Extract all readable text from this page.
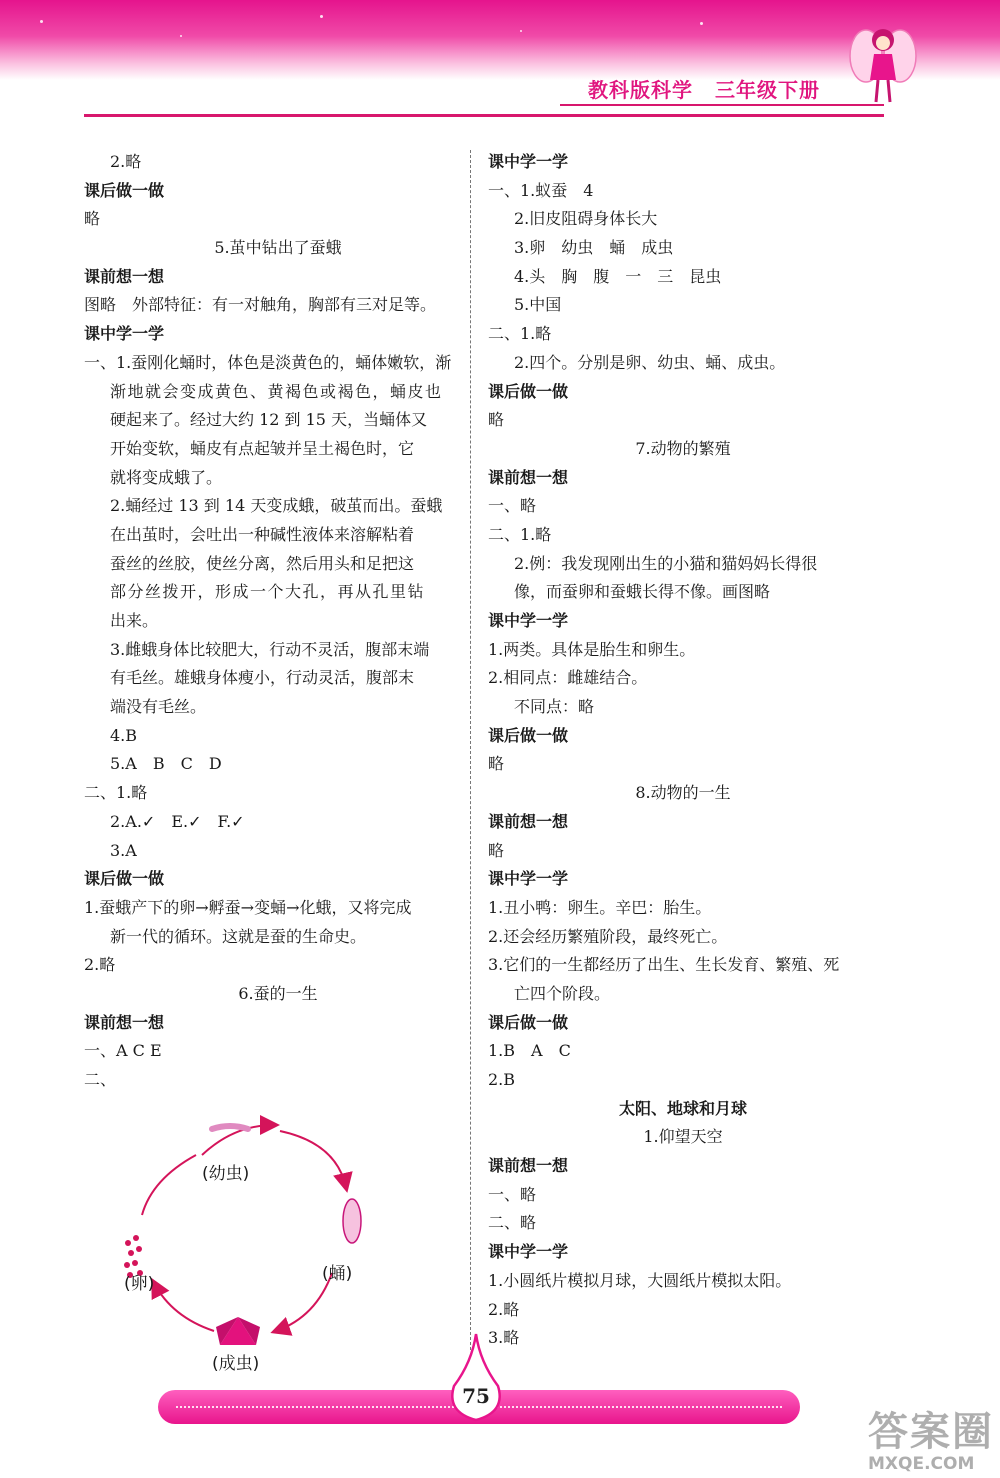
教科版科学 三年级下册
2.略
课后做一做
略
5.茧中钻出了蚕蛾
课前想一想
图略　外部特征：有一对触角，胸部有三对足等。
课中学一学
一、1.蚕刚化蛹时，体色是淡黄色的，蛹体嫩软，渐
渐地就会变成黄色、黄褐色或褐色，蛹皮也
硬起来了。经过大约 12 到 15 天，当蛹体又
开始变软，蛹皮有点起皱并呈土褐色时，它
就将变成蛾了。
2.蛹经过 13 到 14 天变成蛾，破茧而出。蚕蛾
在出茧时，会吐出一种碱性液体来溶解粘着
蚕丝的丝胶，使丝分离，然后用头和足把这
部分丝拨开，形成一个大孔，再从孔里钻
出来。
3.雌蛾身体比较肥大，行动不灵活，腹部末端
有毛丝。雄蛾身体瘦小，行动灵活，腹部末
端没有毛丝。
4.B
5.A　B　C　D
二、1.略
2.A.✓　E.✓　F.✓
3.A
课后做一做
1.蚕蛾产下的卵→孵蚕→变蛹→化蛾，又将完成
新一代的循环。这就是蚕的生命史。
2.略
6.蚕的一生
课前想一想
一、A C E
二、
(幼虫)
(蛹)
(成虫)
(卵)
课中学一学
一、1.蚁蚕　4
2.旧皮阻碍身体长大
3.卵　幼虫　蛹　成虫
4.头　胸　腹　一　三　昆虫
5.中国
二、1.略
2.四个。分别是卵、幼虫、蛹、成虫。
课后做一做
略
7.动物的繁殖
课前想一想
一、略
二、1.略
2.例：我发现刚出生的小猫和猫妈妈长得很
像，而蚕卵和蚕蛾长得不像。画图略
课中学一学
1.两类。具体是胎生和卵生。
2.相同点：雌雄结合。
不同点：略
课后做一做
略
8.动物的一生
课前想一想
略
课中学一学
1.丑小鸭：卵生。辛巴：胎生。
2.还会经历繁殖阶段，最终死亡。
3.它们的一生都经历了出生、生长发育、繁殖、死
亡四个阶段。
课后做一做
1.B　A　C
2.B
太阳、地球和月球
1.仰望天空
课前想一想
一、略
二、略
课中学一学
1.小圆纸片模拟月球，大圆纸片模拟太阳。
2.略
3.略
75
答案圈
MXQE.COM
